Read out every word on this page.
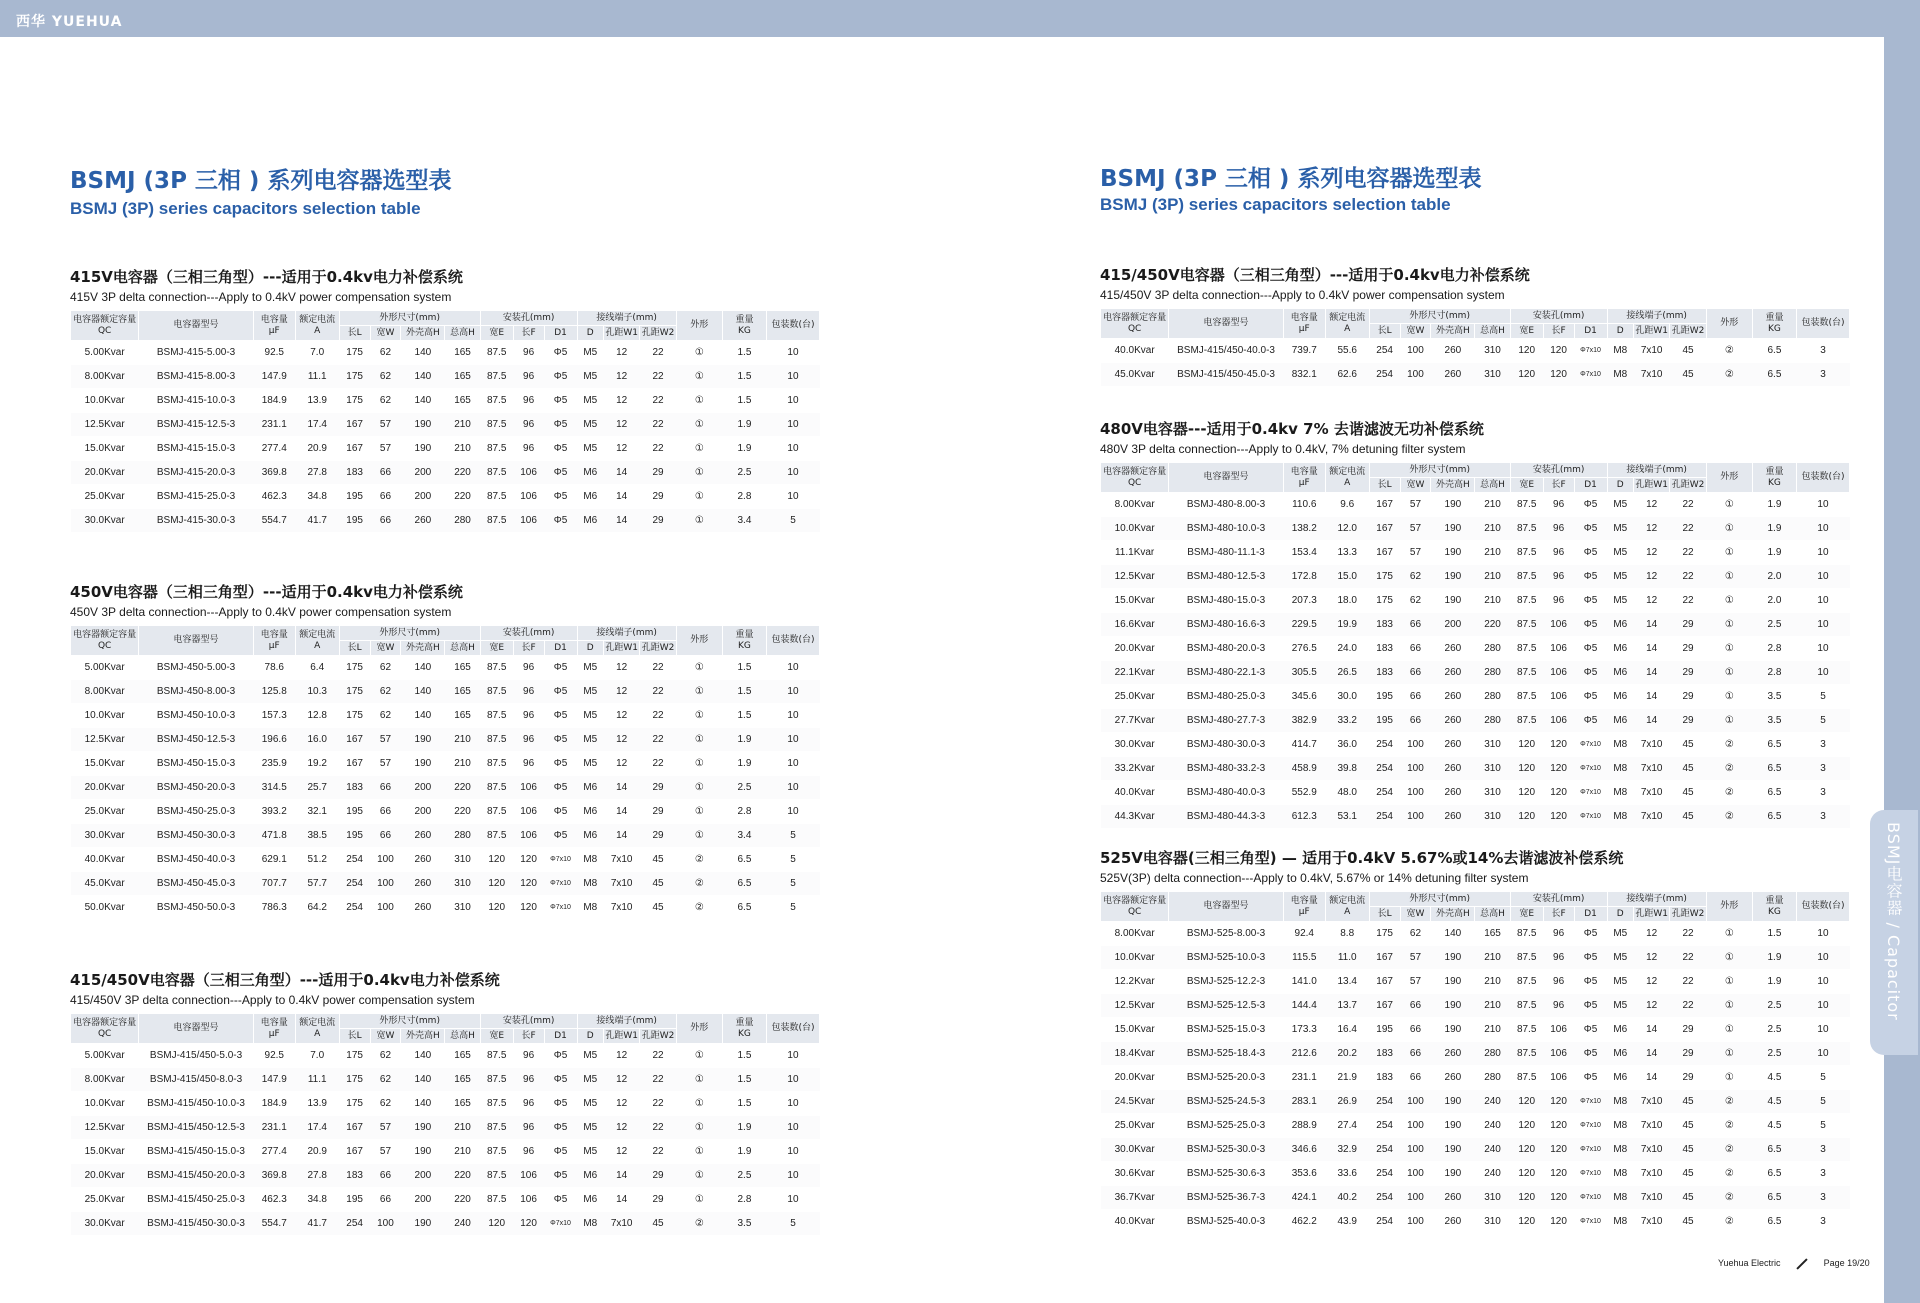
西华 YUEHUA
BSMJ电容器 / Capacitor
BSMJ (3P 三相 ) 系列电容器选型表
BSMJ (3P) series capacitors selection table
415V电容器（三相三角型）---适用于0.4kv电力补偿系统
415V 3P delta connection---Apply to 0.4kV power compensation system
电容器额定容量QC	电容器型号	电容量
μF	额定电流
A	外形尺寸(mm)				安装孔(mm)			接线端子(mm)			外形	重量
KG	包装数(台)
				长L	宽W	外壳高H	总高H	宽E	长F	D1	D	孔距W1	孔距W2			
5.00Kvar	BSMJ-415-5.00-3	92.5	7.0	175	62	140	165	87.5	96	Φ5	M5	12	22	①	1.5	10
8.00Kvar	BSMJ-415-8.00-3	147.9	11.1	175	62	140	165	87.5	96	Φ5	M5	12	22	①	1.5	10
10.0Kvar	BSMJ-415-10.0-3	184.9	13.9	175	62	140	165	87.5	96	Φ5	M5	12	22	①	1.5	10
12.5Kvar	BSMJ-415-12.5-3	231.1	17.4	167	57	190	210	87.5	96	Φ5	M5	12	22	①	1.9	10
15.0Kvar	BSMJ-415-15.0-3	277.4	20.9	167	57	190	210	87.5	96	Φ5	M5	12	22	①	1.9	10
20.0Kvar	BSMJ-415-20.0-3	369.8	27.8	183	66	200	220	87.5	106	Φ5	M6	14	29	①	2.5	10
25.0Kvar	BSMJ-415-25.0-3	462.3	34.8	195	66	200	220	87.5	106	Φ5	M6	14	29	①	2.8	10
30.0Kvar	BSMJ-415-30.0-3	554.7	41.7	195	66	260	280	87.5	106	Φ5	M6	14	29	①	3.4	5
450V电容器（三相三角型）---适用于0.4kv电力补偿系统
450V 3P delta connection---Apply to 0.4kV power compensation system
电容器额定容量QC	电容器型号	电容量
μF	额定电流
A	外形尺寸(mm)				安装孔(mm)			接线端子(mm)			外形	重量
KG	包装数(台)
				长L	宽W	外壳高H	总高H	宽E	长F	D1	D	孔距W1	孔距W2			
5.00Kvar	BSMJ-450-5.00-3	78.6	6.4	175	62	140	165	87.5	96	Φ5	M5	12	22	①	1.5	10
8.00Kvar	BSMJ-450-8.00-3	125.8	10.3	175	62	140	165	87.5	96	Φ5	M5	12	22	①	1.5	10
10.0Kvar	BSMJ-450-10.0-3	157.3	12.8	175	62	140	165	87.5	96	Φ5	M5	12	22	①	1.5	10
12.5Kvar	BSMJ-450-12.5-3	196.6	16.0	167	57	190	210	87.5	96	Φ5	M5	12	22	①	1.9	10
15.0Kvar	BSMJ-450-15.0-3	235.9	19.2	167	57	190	210	87.5	96	Φ5	M5	12	22	①	1.9	10
20.0Kvar	BSMJ-450-20.0-3	314.5	25.7	183	66	200	220	87.5	106	Φ5	M6	14	29	①	2.5	10
25.0Kvar	BSMJ-450-25.0-3	393.2	32.1	195	66	200	220	87.5	106	Φ5	M6	14	29	①	2.8	10
30.0Kvar	BSMJ-450-30.0-3	471.8	38.5	195	66	260	280	87.5	106	Φ5	M6	14	29	①	3.4	5
40.0Kvar	BSMJ-450-40.0-3	629.1	51.2	254	100	260	310	120	120	Φ7x10	M8	7x10	45	②	6.5	5
45.0Kvar	BSMJ-450-45.0-3	707.7	57.7	254	100	260	310	120	120	Φ7x10	M8	7x10	45	②	6.5	5
50.0Kvar	BSMJ-450-50.0-3	786.3	64.2	254	100	260	310	120	120	Φ7x10	M8	7x10	45	②	6.5	5
415/450V电容器（三相三角型）---适用于0.4kv电力补偿系统
415/450V 3P delta connection---Apply to 0.4kV power compensation system
电容器额定容量QC	电容器型号	电容量
μF	额定电流
A	外形尺寸(mm)				安装孔(mm)			接线端子(mm)			外形	重量
KG	包装数(台)
				长L	宽W	外壳高H	总高H	宽E	长F	D1	D	孔距W1	孔距W2			
5.00Kvar	BSMJ-415/450-5.0-3	92.5	7.0	175	62	140	165	87.5	96	Φ5	M5	12	22	①	1.5	10
8.00Kvar	BSMJ-415/450-8.0-3	147.9	11.1	175	62	140	165	87.5	96	Φ5	M5	12	22	①	1.5	10
10.0Kvar	BSMJ-415/450-10.0-3	184.9	13.9	175	62	140	165	87.5	96	Φ5	M5	12	22	①	1.5	10
12.5Kvar	BSMJ-415/450-12.5-3	231.1	17.4	167	57	190	210	87.5	96	Φ5	M5	12	22	①	1.9	10
15.0Kvar	BSMJ-415/450-15.0-3	277.4	20.9	167	57	190	210	87.5	96	Φ5	M5	12	22	①	1.9	10
20.0Kvar	BSMJ-415/450-20.0-3	369.8	27.8	183	66	200	220	87.5	106	Φ5	M6	14	29	①	2.5	10
25.0Kvar	BSMJ-415/450-25.0-3	462.3	34.8	195	66	200	220	87.5	106	Φ5	M6	14	29	①	2.8	10
30.0Kvar	BSMJ-415/450-30.0-3	554.7	41.7	254	100	190	240	120	120	Φ7x10	M8	7x10	45	②	3.5	5
BSMJ (3P 三相 ) 系列电容器选型表
BSMJ (3P) series capacitors selection table
415/450V电容器（三相三角型）---适用于0.4kv电力补偿系统
415/450V 3P delta connection---Apply to 0.4kV power compensation system
电容器额定容量QC	电容器型号	电容量
μF	额定电流
A	外形尺寸(mm)				安装孔(mm)			接线端子(mm)			外形	重量
KG	包装数(台)
				长L	宽W	外壳高H	总高H	宽E	长F	D1	D	孔距W1	孔距W2			
40.0Kvar	BSMJ-415/450-40.0-3	739.7	55.6	254	100	260	310	120	120	Φ7x10	M8	7x10	45	②	6.5	3
45.0Kvar	BSMJ-415/450-45.0-3	832.1	62.6	254	100	260	310	120	120	Φ7x10	M8	7x10	45	②	6.5	3
480V电容器---适用于0.4kv 7% 去谐滤波无功补偿系统
480V 3P delta connection---Apply to 0.4kV, 7% detuning filter system
电容器额定容量QC	电容器型号	电容量
μF	额定电流
A	外形尺寸(mm)				安装孔(mm)			接线端子(mm)			外形	重量
KG	包装数(台)
				长L	宽W	外壳高H	总高H	宽E	长F	D1	D	孔距W1	孔距W2			
8.00Kvar	BSMJ-480-8.00-3	110.6	9.6	167	57	190	210	87.5	96	Φ5	M5	12	22	①	1.9	10
10.0Kvar	BSMJ-480-10.0-3	138.2	12.0	167	57	190	210	87.5	96	Φ5	M5	12	22	①	1.9	10
11.1Kvar	BSMJ-480-11.1-3	153.4	13.3	167	57	190	210	87.5	96	Φ5	M5	12	22	①	1.9	10
12.5Kvar	BSMJ-480-12.5-3	172.8	15.0	175	62	190	210	87.5	96	Φ5	M5	12	22	①	2.0	10
15.0Kvar	BSMJ-480-15.0-3	207.3	18.0	175	62	190	210	87.5	96	Φ5	M5	12	22	①	2.0	10
16.6Kvar	BSMJ-480-16.6-3	229.5	19.9	183	66	200	220	87.5	106	Φ5	M6	14	29	①	2.5	10
20.0Kvar	BSMJ-480-20.0-3	276.5	24.0	183	66	260	280	87.5	106	Φ5	M6	14	29	①	2.8	10
22.1Kvar	BSMJ-480-22.1-3	305.5	26.5	183	66	260	280	87.5	106	Φ5	M6	14	29	①	2.8	10
25.0Kvar	BSMJ-480-25.0-3	345.6	30.0	195	66	260	280	87.5	106	Φ5	M6	14	29	①	3.5	5
27.7Kvar	BSMJ-480-27.7-3	382.9	33.2	195	66	260	280	87.5	106	Φ5	M6	14	29	①	3.5	5
30.0Kvar	BSMJ-480-30.0-3	414.7	36.0	254	100	260	310	120	120	Φ7x10	M8	7x10	45	②	6.5	3
33.2Kvar	BSMJ-480-33.2-3	458.9	39.8	254	100	260	310	120	120	Φ7x10	M8	7x10	45	②	6.5	3
40.0Kvar	BSMJ-480-40.0-3	552.9	48.0	254	100	260	310	120	120	Φ7x10	M8	7x10	45	②	6.5	3
44.3Kvar	BSMJ-480-44.3-3	612.3	53.1	254	100	260	310	120	120	Φ7x10	M8	7x10	45	②	6.5	3
525V电容器(三相三角型) — 适用于0.4kV 5.67%或14%去谐滤波补偿系统
525V(3P) delta connection---Apply to 0.4kV, 5.67% or 14% detuning filter system
电容器额定容量QC	电容器型号	电容量
μF	额定电流
A	外形尺寸(mm)				安装孔(mm)			接线端子(mm)			外形	重量
KG	包装数(台)
				长L	宽W	外壳高H	总高H	宽E	长F	D1	D	孔距W1	孔距W2			
8.00Kvar	BSMJ-525-8.00-3	92.4	8.8	175	62	140	165	87.5	96	Φ5	M5	12	22	①	1.5	10
10.0Kvar	BSMJ-525-10.0-3	115.5	11.0	167	57	190	210	87.5	96	Φ5	M5	12	22	①	1.9	10
12.2Kvar	BSMJ-525-12.2-3	141.0	13.4	167	57	190	210	87.5	96	Φ5	M5	12	22	①	1.9	10
12.5Kvar	BSMJ-525-12.5-3	144.4	13.7	167	66	190	210	87.5	96	Φ5	M5	12	22	①	2.5	10
15.0Kvar	BSMJ-525-15.0-3	173.3	16.4	195	66	190	210	87.5	106	Φ5	M6	14	29	①	2.5	10
18.4Kvar	BSMJ-525-18.4-3	212.6	20.2	183	66	260	280	87.5	106	Φ5	M6	14	29	①	2.5	10
20.0Kvar	BSMJ-525-20.0-3	231.1	21.9	183	66	260	280	87.5	106	Φ5	M6	14	29	①	4.5	5
24.5Kvar	BSMJ-525-24.5-3	283.1	26.9	254	100	190	240	120	120	Φ7x10	M8	7x10	45	②	4.5	5
25.0Kvar	BSMJ-525-25.0-3	288.9	27.4	254	100	190	240	120	120	Φ7x10	M8	7x10	45	②	4.5	5
30.0Kvar	BSMJ-525-30.0-3	346.6	32.9	254	100	190	240	120	120	Φ7x10	M8	7x10	45	②	6.5	3
30.6Kvar	BSMJ-525-30.6-3	353.6	33.6	254	100	190	240	120	120	Φ7x10	M8	7x10	45	②	6.5	3
36.7Kvar	BSMJ-525-36.7-3	424.1	40.2	254	100	260	310	120	120	Φ7x10	M8	7x10	45	②	6.5	3
40.0Kvar	BSMJ-525-40.0-3	462.2	43.9	254	100	260	310	120	120	Φ7x10	M8	7x10	45	②	6.5	3
Yuehua Electric	Page 19/20
